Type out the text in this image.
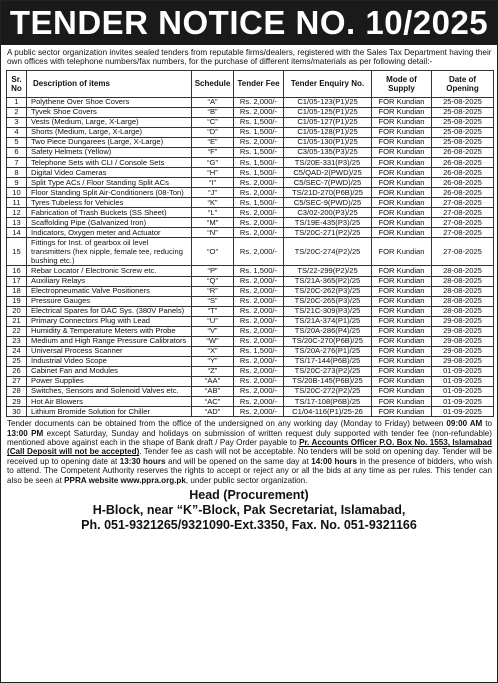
TENDER NOTICE NO. 10/2025
A public sector organization invites sealed tenders from reputable firms/dealers, registered with the Sales Tax Department having their own offices with telephone numbers/fax numbers, for the purchase of different items/materials as per following detail:-
Sr. No	Description of items	Schedule	Tender Fee	Tender Enquiry No.	Mode of Supply	Date of Opening
1	Polythene Over Shoe Covers	“A”	Rs. 2,000/-	C1/05-123(P1)/25	FOR Kundian	25-08-2025
2	Tyvek Shoe Covers	“B”	Rs. 2,000/-	C1/05-125(P1)/25	FOR Kundian	25-08-2025
3	Vests (Medium, Large, X-Large)	“C”	Rs. 1,500/-	C1/05-127(P1)/25	FOR Kundian	25-08-2025
4	Shorts (Medium, Large, X-Large)	“D”	Rs. 1,500/-	C1/05-128(P1)/25	FOR Kundian	25-08-2025
5	Two Piece Dungarees (Large, X-Large)	“E”	Rs. 2,000/-	C1/05-130(P1)/25	FOR Kundian	25-08-2025
6	Safety Helmets (Yellow)	“F”	Rs. 1,500/-	C3/05-135(P3)/25	FOR Kundian	26-08-2025
7	Telephone Sets with CLI / Console Sets	“G”	Rs. 1,500/-	TS/20E-331(P3)/25	FOR Kundian	26-08-2025
8	Digital Video Cameras	“H”	Rs. 1,500/-	C5/QAD-2(PWD)/25	FOR Kundian	26-08-2025
9	Split Type ACs / Floor Standing Split ACs	“I”	Rs. 2,000/-	C5/SEC-7(PWD)/25	FOR Kundian	26-08-2025
10	Floor Standing Split Air-Conditioners (08-Ton)	“J”	Rs. 2,000/-	TS/21D-270(P6B)/25	FOR Kundian	26-08-2025
11	Tyres Tubeless for Vehicles	“K”	Rs. 1,500/-	C5/SEC-9(PWD)/25	FOR Kundian	27-08-2025
12	Fabrication of Trash Buckets (SS Sheet)	“L”	Rs. 2,000/-	C3/02-200(P3)/25	FOR Kundian	27-08-2025
13	Scaffolding Pipe (Galvanized Iron)	“M”	Rs. 2,000/-	TS/19E-435(P3)/25	FOR Kundian	27-08-2025
14	Indicators, Oxygen meter and Actuator	“N”	Rs. 2,000/-	TS/20C-271(P2)/25	FOR Kundian	27-08-2025
15	Fittings for Inst. of gearbox oil level transmitters (hex nipple, female tee, reducing bushing etc.)	“O”	Rs. 2,000/-	TS/20C-274(P2)/25	FOR Kundian	27-08-2025
16	Rebar Locator / Electronic Screw etc.	“P”	Rs. 1,500/-	TS/22-299(P2)/25	FOR Kundian	28-08-2025
17	Auxiliary Relays	“Q”	Rs. 2,000/-	TS/21A-365(P2)/25	FOR Kundian	28-08-2025
18	Electropneumatic Valve Positioners	“R”	Rs. 2,000/-	TS/20C-262(P3)/25	FOR Kundian	28-08-2025
19	Pressure Gauges	“S”	Rs. 2,000/-	TS/20C-265(P3)/25	FOR Kundian	28-08-2025
20	Electrical Spares for DAC Sys. (380V Panels)	“T”	Rs. 2,000/-	TS/21C-309(P3)/25	FOR Kundian	28-08-2025
21	Primary Connectors Plug with Lead	“U”	Rs. 2,000/-	TS/21A-374(P1)/25	FOR Kundian	29-08-2025
22	Humidity & Temperature Meters with Probe	“V”	Rs. 2,000/-	TS/20A-286(P4)/25	FOR Kundian	29-08-2025
23	Medium and High Range Pressure Calibrators	“W”	Rs. 2,000/-	TS/20C-270(P6B)/25	FOR Kundian	29-08-2025
24	Universal Process Scanner	“X”	Rs. 1,500/-	TS/20A-276(P1)/25	FOR Kundian	29-08-2025
25	Industrial Video Scope	“Y”	Rs. 2,000/-	TS/17-144(P6B)/25	FOR Kundian	29-08-2025
26	Cabinet Fan and Modules	“Z”	Rs. 2,000/-	TS/20C-273(P2)/25	FOR Kundian	01-09-2025
27	Power Supplies	“AA”	Rs. 2,000/-	TS/20B-145(P6B)/25	FOR Kundian	01-09-2025
28	Switches, Sensors and Solenoid Valves etc.	“AB”	Rs. 2,000/-	TS/20C-272(P2)/25	FOR Kundian	01-09-2025
29	Hot Air Blowers	“AC”	Rs. 2,000/-	TS/17-108(P6B)/25	FOR Kundian	01-09-2025
30	Lithium Bromide Solution for Chiller	“AD”	Rs. 2,000/-	C1/04-116(P1)/25-26	FOR Kundian	01-09-2025
Tender documents can be obtained from the office of the undersigned on any working day (Monday to Friday) between 09:00 AM to 13:00 PM except Saturday, Sunday and holidays on submission of written request duly supported with tender fee (non-refundable) mentioned above against each in the shape of Bank draft / Pay Order payable to Pr. Accounts Officer P.O. Box No. 1553, Islamabad (Call Deposit will not be accepted). Tender fee as cash will not be acceptable. No tenders will be sold on opening day. Tender will be received up to opening date at 13:30 hours and will be opened on the same day at 14:00 hours in the presence of bidders, who wish to attend. The Competent Authority reserves the rights to accept or reject any or all the bids at any time as per rules. This tender can also be seen at PPRA website www.ppra.org.pk, under public sector organization.
Head (Procurement)
H-Block, near “K”-Block, Pak Secretariat, Islamabad,
Ph. 051-9321265/9321090-Ext.3350, Fax. No. 051-9321166
